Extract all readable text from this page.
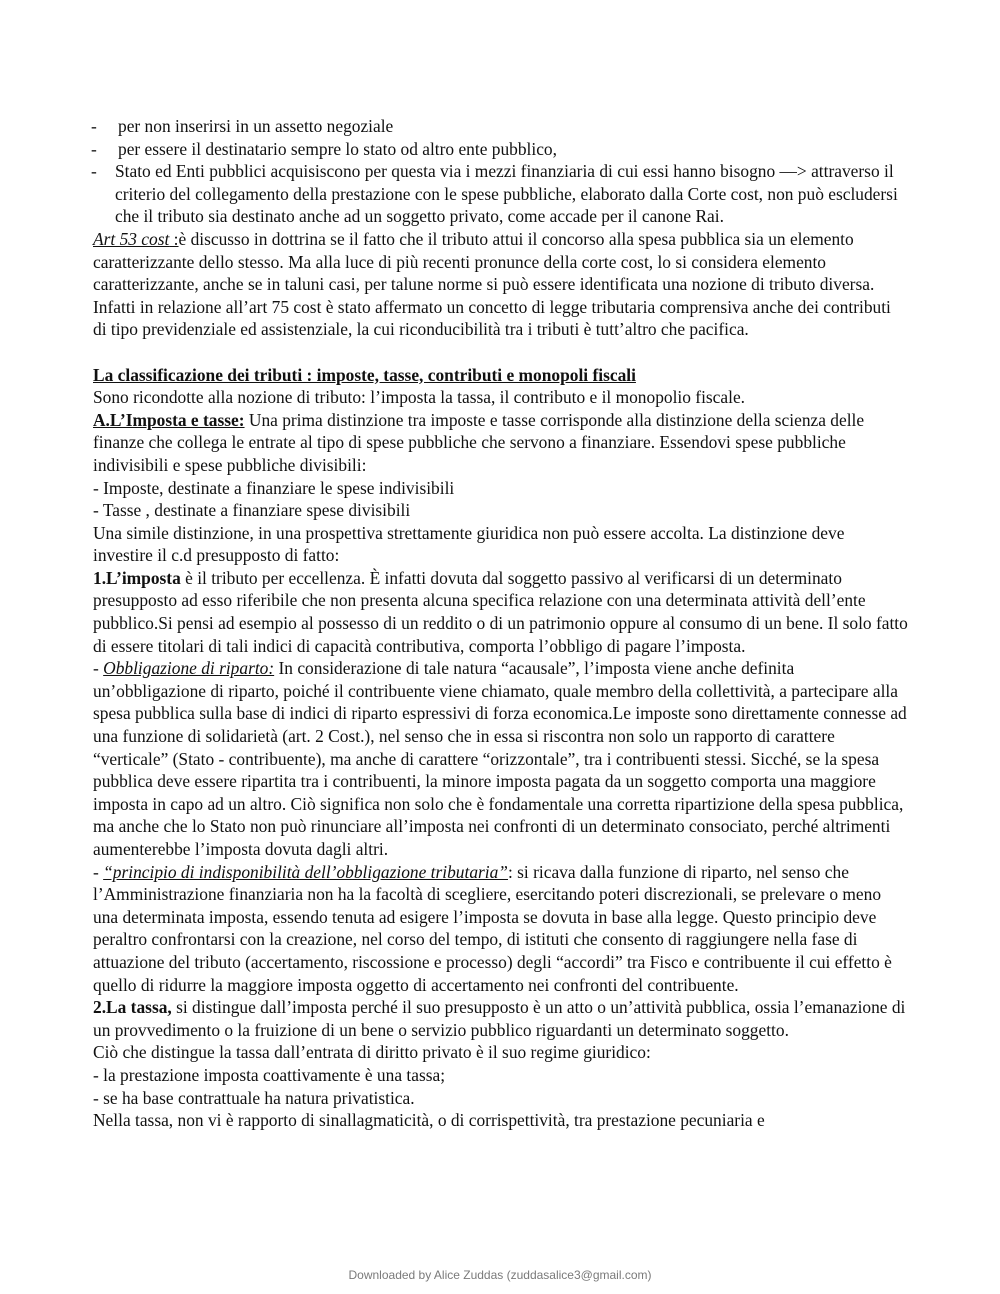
- per non inserirsi in un assetto negoziale
- per essere il destinatario sempre lo stato od altro ente pubblico,
- Stato ed Enti pubblici acquisiscono per questa via i mezzi finanziaria di cui essi hanno bisogno —> attraverso il criterio del collegamento della prestazione con le spese pubbliche, elaborato dalla Corte cost, non può escludersi che il tributo sia destinato anche ad un soggetto privato, come accade per il canone Rai.

Art 53 cost :è discusso in dottrina se il fatto che il tributo attui il concorso alla spesa pubblica sia un elemento caratterizzante dello stesso. Ma alla luce di più recenti pronunce della corte cost, lo si considera elemento caratterizzante, anche se in taluni casi, per talune norme si può essere identificata una nozione di tributo diversa. Infatti in relazione all’art 75 cost è stato affermato un concetto di legge tributaria comprensiva anche dei contributi di tipo previdenziale ed assistenziale, la cui riconducibilità tra i tributi è tutt’altro che pacifica.

La classificazione dei tributi : imposte, tasse, contributi e monopoli fiscali

Sono ricondotte alla nozione di tributo: l’imposta la tassa, il contributo e il monopolio fiscale.

A.L’Imposta e tasse: Una prima distinzione tra imposte e tasse corrisponde alla distinzione della scienza delle finanze che collega le entrate al tipo di spese pubbliche che servono a finanziare. Essendovi spese pubbliche indivisibili e spese pubbliche divisibili:

- Imposte, destinate a finanziare le spese indivisibili

- Tasse , destinate a finanziare spese divisibili

Una simile distinzione, in una prospettiva strettamente giuridica non può essere accolta. La distinzione deve investire il c.d presupposto di fatto:

1.L’imposta è il tributo per eccellenza. È infatti dovuta dal soggetto passivo al verificarsi di un determinato presupposto ad esso riferibile che non presenta alcuna specifica relazione con una determinata attività dell’ente pubblico.Si pensi ad esempio al possesso di un reddito o di un patrimonio oppure al consumo di un bene. Il solo fatto di essere titolari di tali indici di capacità contributiva, comporta l’obbligo di pagare l’imposta.

- Obbligazione di riparto: In considerazione di tale natura “acausale”, l’imposta viene anche definita un’obbligazione di riparto, poiché il contribuente viene chiamato, quale membro della collettività, a partecipare alla spesa pubblica sulla base di indici di riparto espressivi di forza economica.Le imposte sono direttamente connesse ad una funzione di solidarietà (art. 2 Cost.), nel senso che in essa si riscontra non solo un rapporto di carattere “verticale” (Stato - contribuente), ma anche di carattere “orizzontale”, tra i contribuenti stessi. Sicché, se la spesa pubblica deve essere ripartita tra i contribuenti, la minore imposta pagata da un soggetto comporta una maggiore imposta in capo ad un altro. Ciò significa non solo che è fondamentale una corretta ripartizione della spesa pubblica, ma anche che lo Stato non può rinunciare all’imposta nei confronti di un determinato consociato, perché altrimenti aumenterebbe l’imposta dovuta dagli altri.

- “principio di indisponibilità dell’obbligazione tributaria”: si ricava dalla funzione di riparto, nel senso che l’Amministrazione finanziaria non ha la facoltà di scegliere, esercitando poteri discrezionali, se prelevare o meno una determinata imposta, essendo tenuta ad esigere l’imposta se dovuta in base alla legge. Questo principio deve peraltro confrontarsi con la creazione, nel corso del tempo, di istituti che consento di raggiungere nella fase di attuazione del tributo (accertamento, riscossione e processo) degli “accordi” tra Fisco e contribuente il cui effetto è quello di ridurre la maggiore imposta oggetto di accertamento nei confronti del contribuente.

2.La tassa, si distingue dall’imposta perché il suo presupposto è un atto o un’attività pubblica, ossia l’emanazione di un provvedimento o la fruizione di un bene o servizio pubblico riguardanti un determinato soggetto.

Ciò che distingue la tassa dall’entrata di diritto privato è il suo regime giuridico:

- la prestazione imposta coattivamente è una tassa;

- se ha base contrattuale ha natura privatistica.

Nella tassa, non vi è rapporto di sinallagmaticità, o di corrispettività, tra prestazione pecuniaria e

Downloaded by Alice Zuddas (zuddasalice3@gmail.com)
